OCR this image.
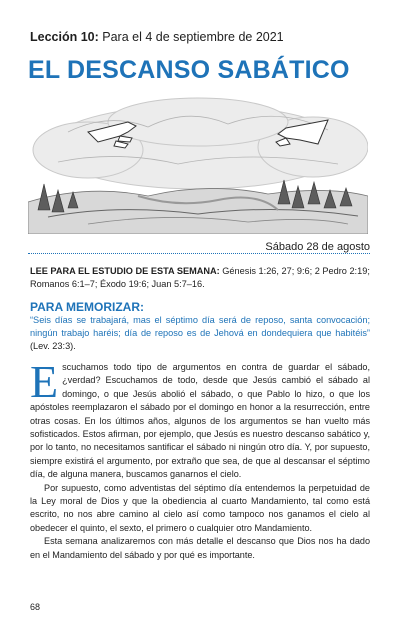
Lección 10: Para el 4 de septiembre de 2021
EL DESCANSO SABÁTICO
Sábado 28 de agosto
LEE PARA EL ESTUDIO DE ESTA SEMANA: Génesis 1:26, 27; 9:6; 2 Pedro 2:19; Romanos 6:1–7; Éxodo 19:6; Juan 5:7–16.
PARA MEMORIZAR:
“Seis días se trabajará, mas el séptimo día será de reposo, santa convocación; ningún trabajo haréis; día de reposo es de Jehová en dondequiera que habitéis” (Lev. 23:3).

Escuchamos todo tipo de argumentos en contra de guardar el sábado, ¿verdad? Escuchamos de todo, desde que Jesús cambió el sábado al domingo, o que Jesús abolió el sábado, o que Pablo lo hizo, o que los apóstoles reemplazaron el sábado por el domingo en honor a la resurrección, entre otras cosas. En los últimos años, algunos de los argumentos se han vuelto más sofisticados. Estos afirman, por ejemplo, que Jesús es nuestro descanso sabático y, por lo tanto, no necesitamos santificar el sábado ni ningún otro día. Y, por supuesto, siempre existirá el argumento, por extraño que sea, de que al descansar el séptimo día, de alguna manera, buscamos ganarnos el cielo.

Por supuesto, como adventistas del séptimo día entendemos la perpetuidad de la Ley moral de Dios y que la obediencia al cuarto Mandamiento, tal como está escrito, no nos abre camino al cielo así como tampoco nos ganamos el cielo al obedecer el quinto, el sexto, el primero o cualquier otro Mandamiento.

Esta semana analizaremos con más detalle el descanso que Dios nos ha dado en el Mandamiento del sábado y por qué es importante.

68
